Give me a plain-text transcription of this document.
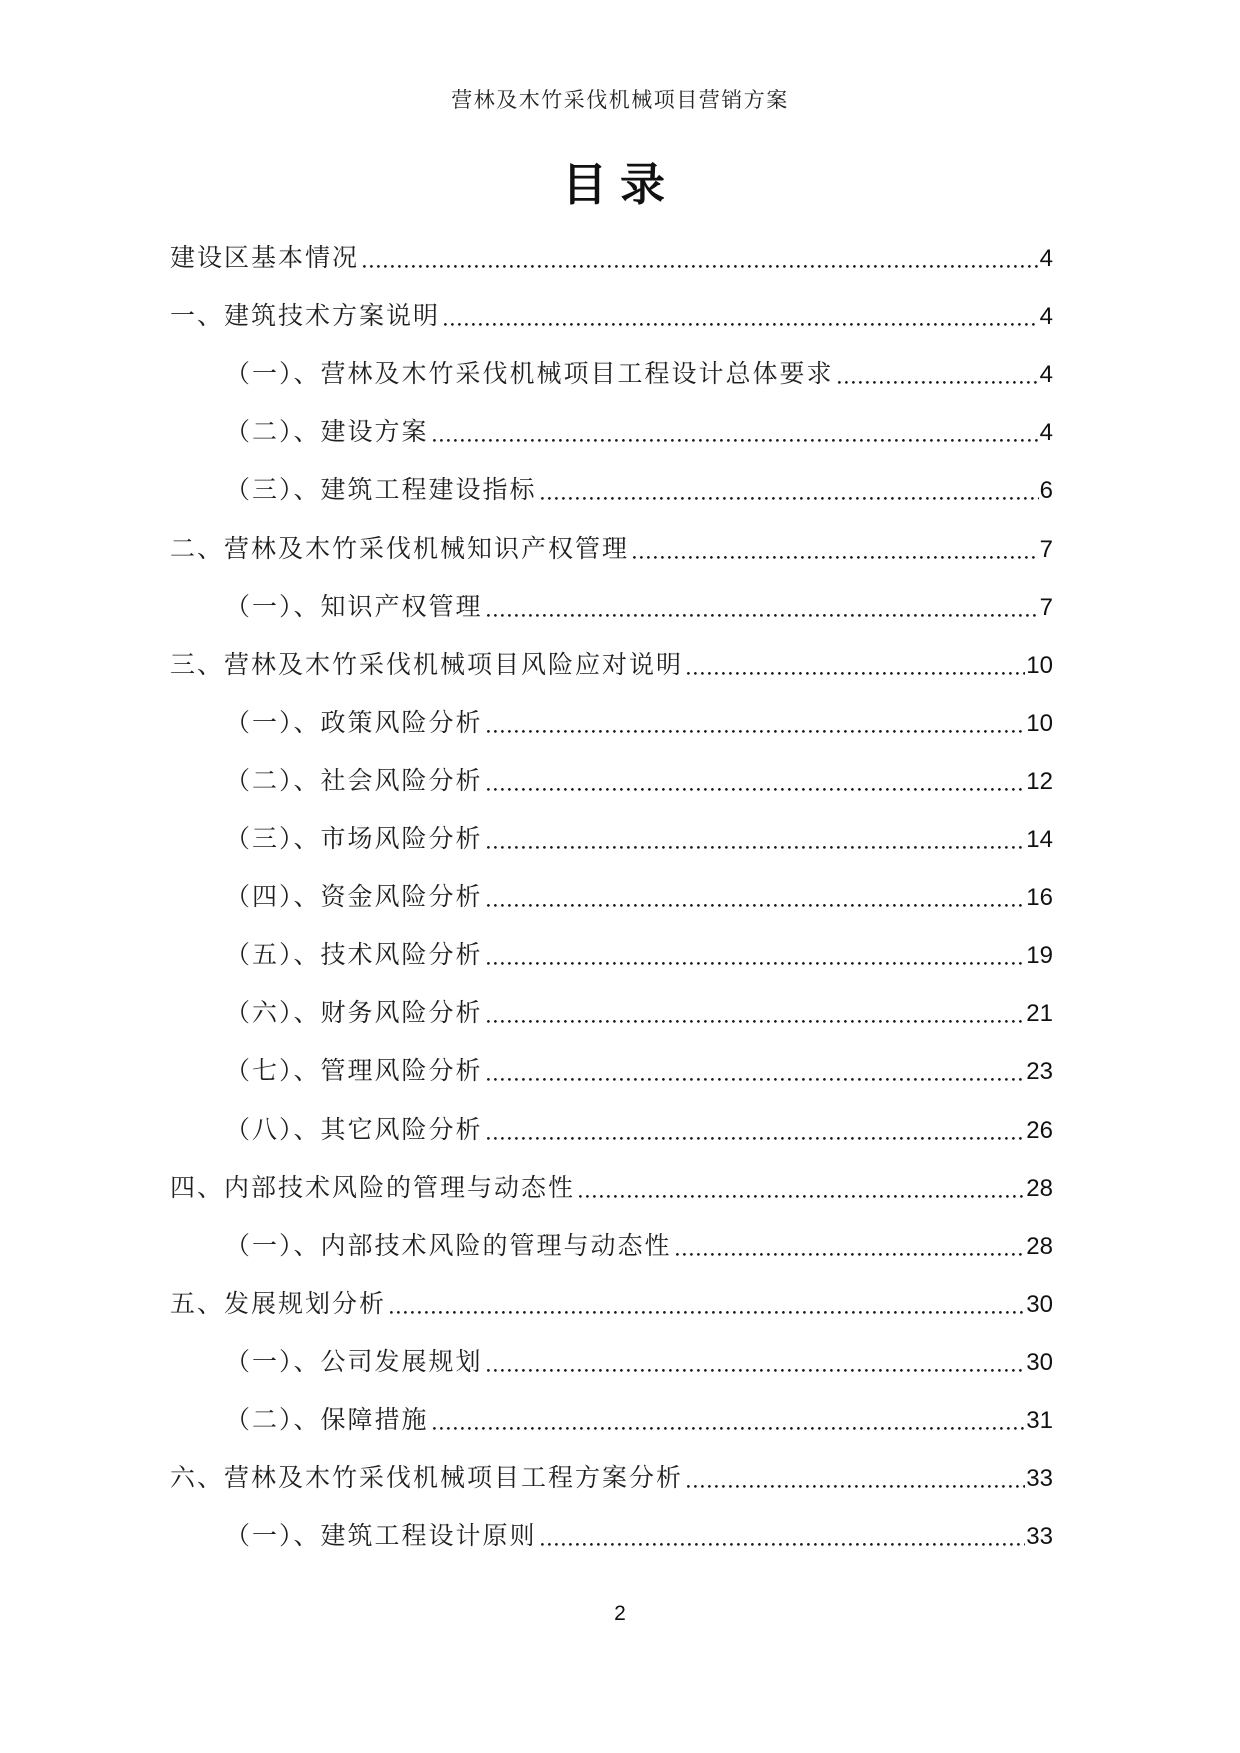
营林及木竹采伐机械项目营销方案
目录
建设区基本情况	4
一、建筑技术方案说明	4
（一）、营林及木竹采伐机械项目工程设计总体要求	4
（二）、建设方案	4
（三）、建筑工程建设指标	6
二、营林及木竹采伐机械知识产权管理	7
（一）、知识产权管理	7
三、营林及木竹采伐机械项目风险应对说明	10
（一）、政策风险分析	10
（二）、社会风险分析	12
（三）、市场风险分析	14
（四）、资金风险分析	16
（五）、技术风险分析	19
（六）、财务风险分析	21
（七）、管理风险分析	23
（八）、其它风险分析	26
四、内部技术风险的管理与动态性	28
（一）、内部技术风险的管理与动态性	28
五、发展规划分析	30
（一）、公司发展规划	30
（二）、保障措施	31
六、营林及木竹采伐机械项目工程方案分析	33
（一）、建筑工程设计原则	33
2
